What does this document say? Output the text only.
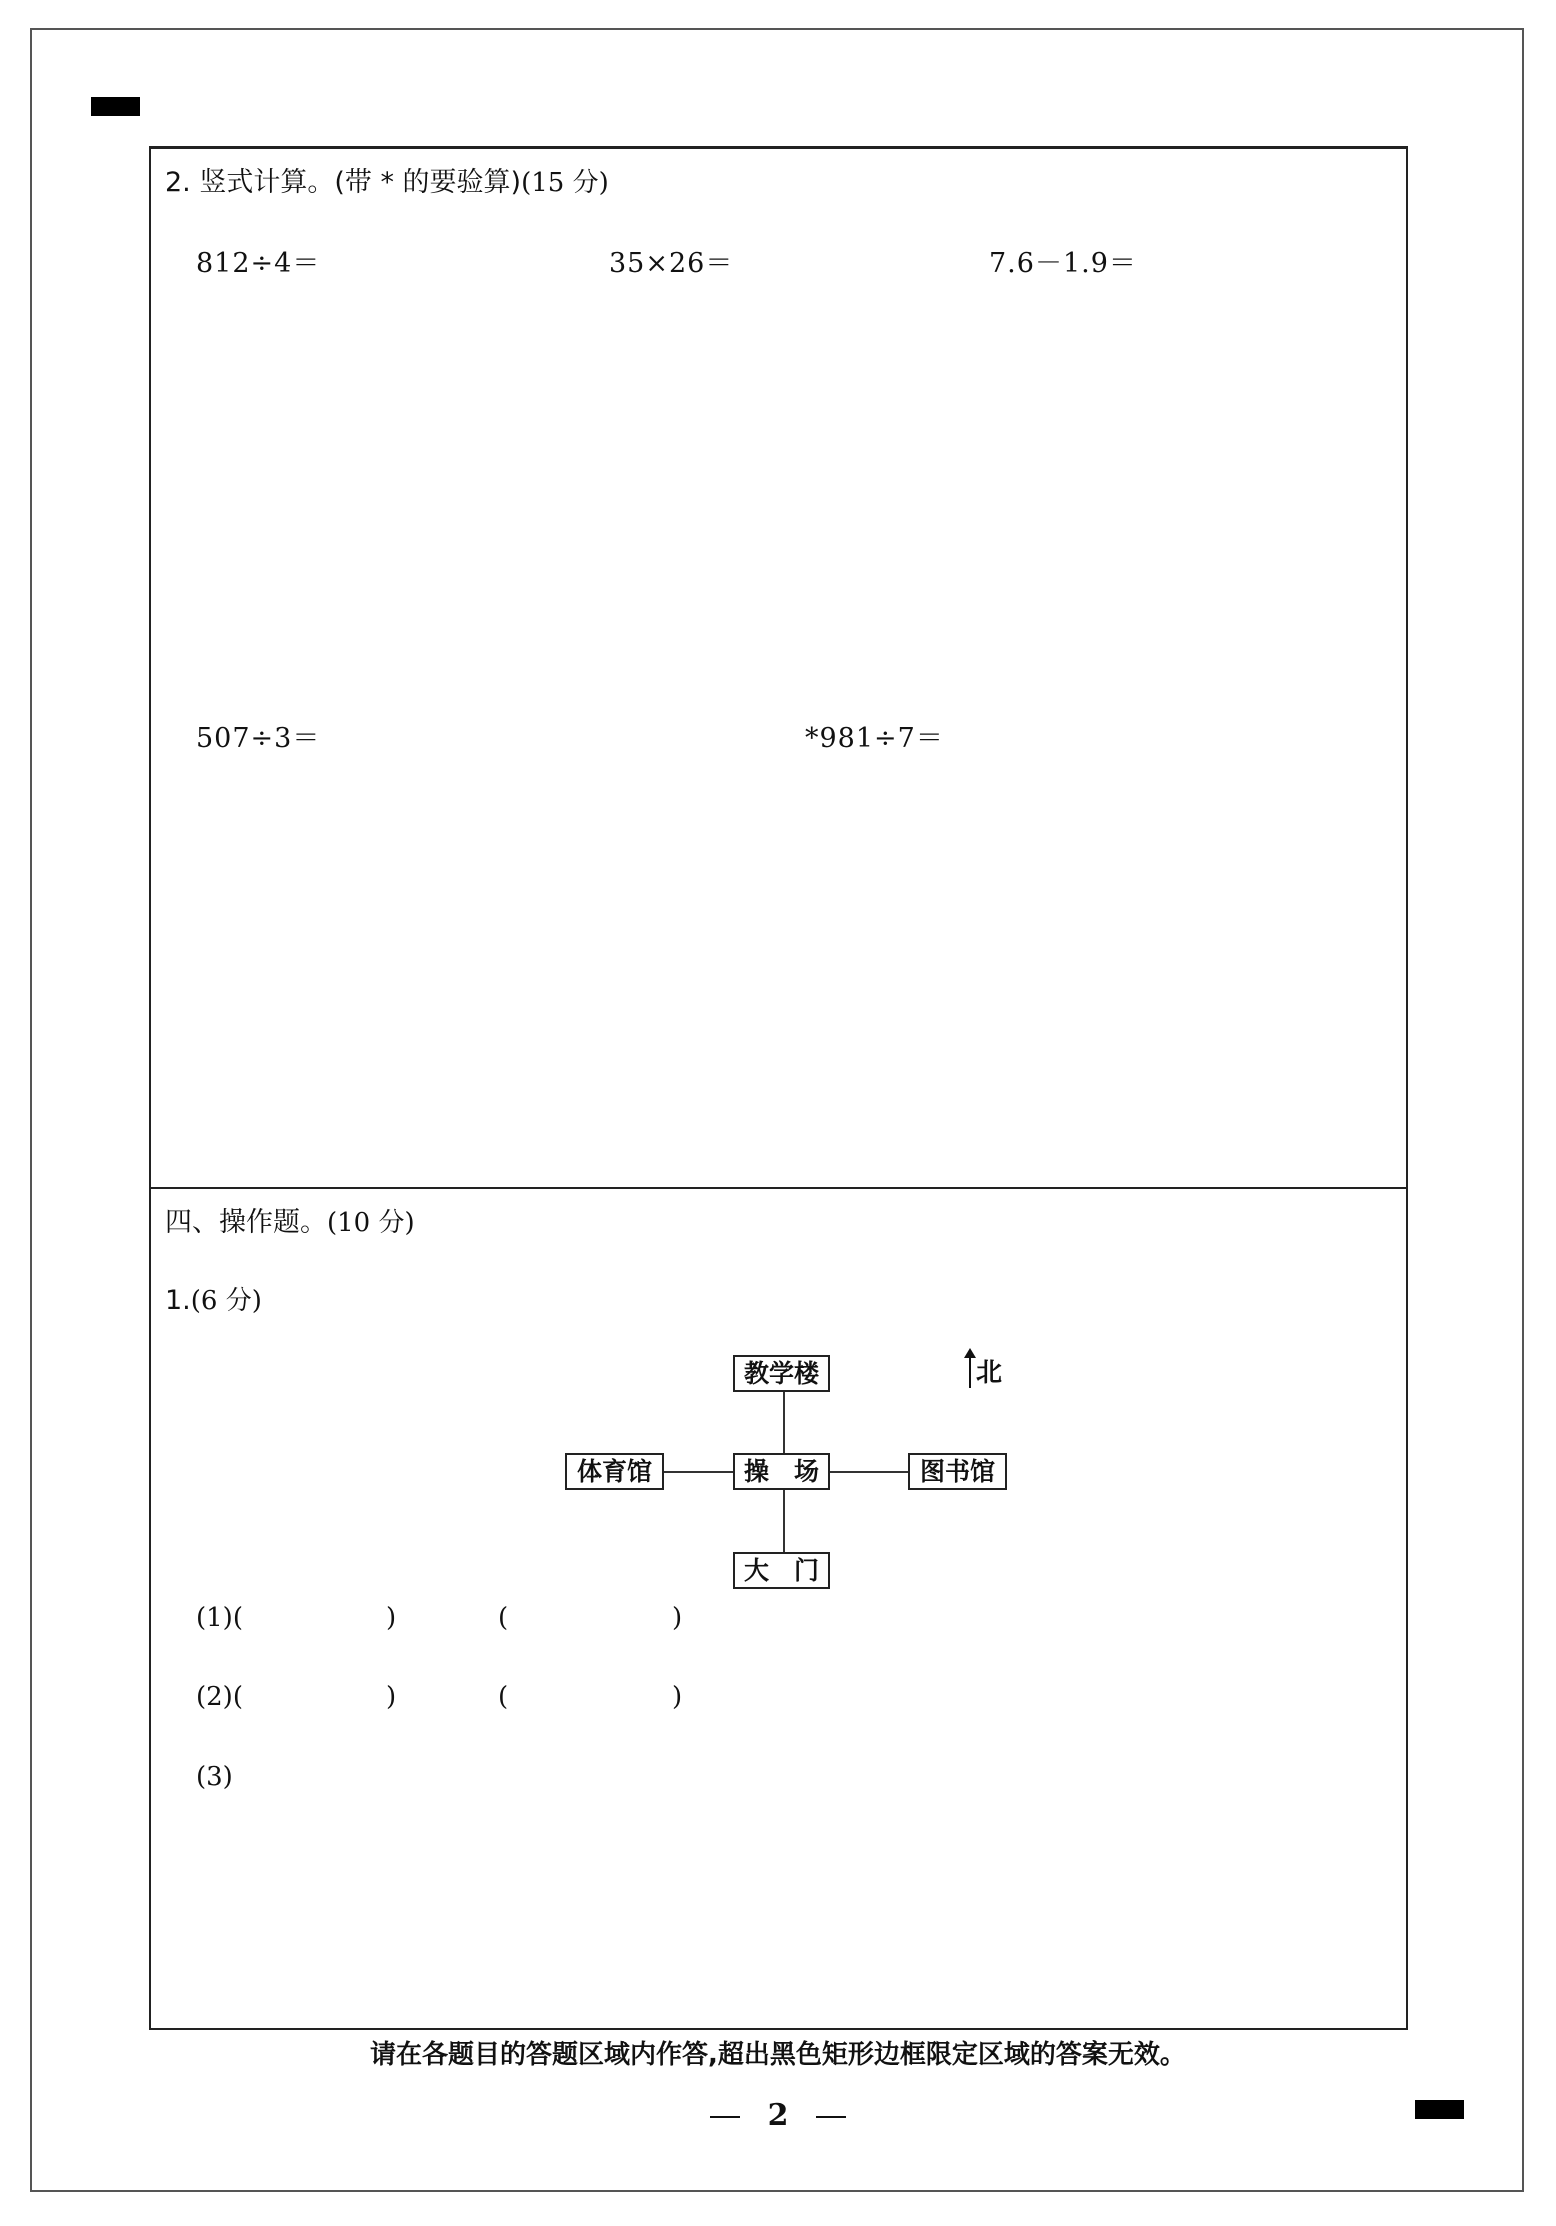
2. 竖式计算。(带 * 的要验算)(15 分)
812÷4＝	35×26＝	7.6－1.9＝
507÷3＝	*981÷7＝
四、操作题。(10 分)
1.(6 分)
教学楼
体育馆	操　场	图书馆
大　门
北
(1)(	)	(	)
(2)(	)	(	)
(3)
请在各题目的答题区域内作答,超出黑色矩形边框限定区域的答案无效。
2
